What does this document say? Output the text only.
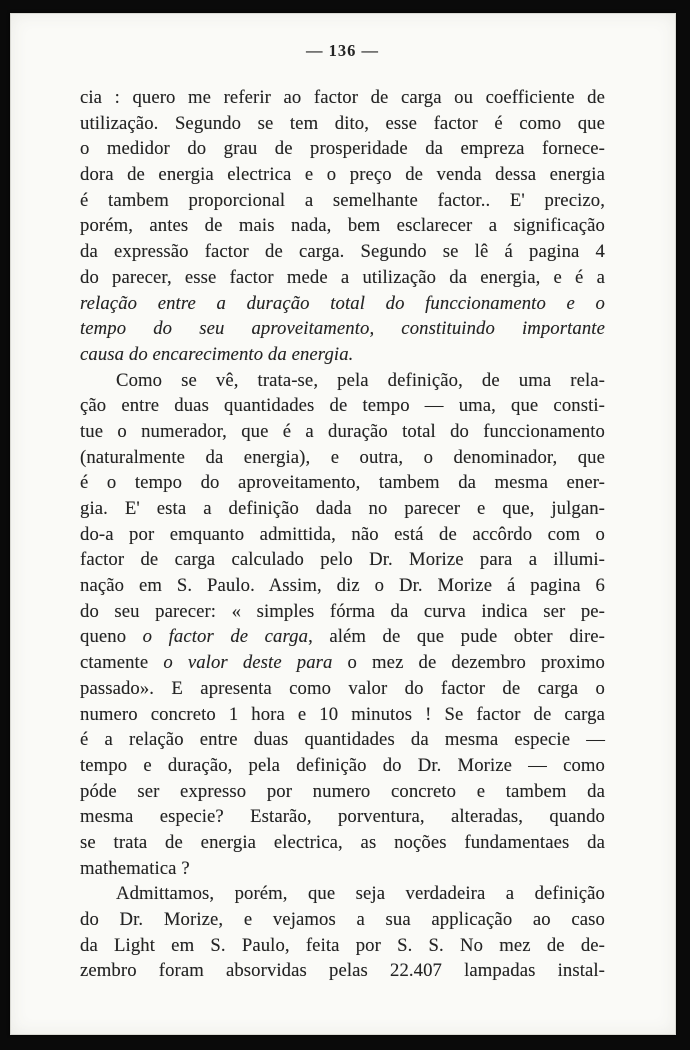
— 136 —
cia : quero me referir ao factor de carga ou coefficiente de
utilização. Segundo se tem dito, esse factor é como que
o medidor do grau de prosperidade da empreza fornece-
dora de energia electrica e o preço de venda dessa energia
é tambem proporcional a semelhante factor.. E' precizo,
porém, antes de mais nada, bem esclarecer a significação
da expressão factor de carga. Segundo se lê á pagina 4
do parecer, esse factor mede a utilização da energia, e é a
relação entre a duração total do funccionamento e o
tempo do seu aproveitamento, constituindo importante
causa do encarecimento da energia.
Como se vê, trata-se, pela definição, de uma rela-
ção entre duas quantidades de tempo — uma, que consti-
tue o numerador, que é a duração total do funccionamento
(naturalmente da energia), e outra, o denominador, que
é o tempo do aproveitamento, tambem da mesma ener-
gia. E' esta a definição dada no parecer e que, julgan-
do-a por emquanto admittida, não está de accôrdo com o
factor de carga calculado pelo Dr. Morize para a illumi-
nação em S. Paulo. Assim, diz o Dr. Morize á pagina 6
do seu parecer: « simples fórma da curva indica ser pe-
queno o factor de carga, além de que pude obter dire-
ctamente o valor deste para o mez de dezembro proximo
passado». E apresenta como valor do factor de carga o
numero concreto 1 hora e 10 minutos ! Se factor de carga
é a relação entre duas quantidades da mesma especie —
tempo e duração, pela definição do Dr. Morize — como
póde ser expresso por numero concreto e tambem da
mesma especie? Estarão, porventura, alteradas, quando
se trata de energia electrica, as noções fundamentaes da
mathematica ?
Admittamos, porém, que seja verdadeira a definição
do Dr. Morize, e vejamos a sua applicação ao caso
da Light em S. Paulo, feita por S. S. No mez de de-
zembro foram absorvidas pelas 22.407 lampadas instal-
